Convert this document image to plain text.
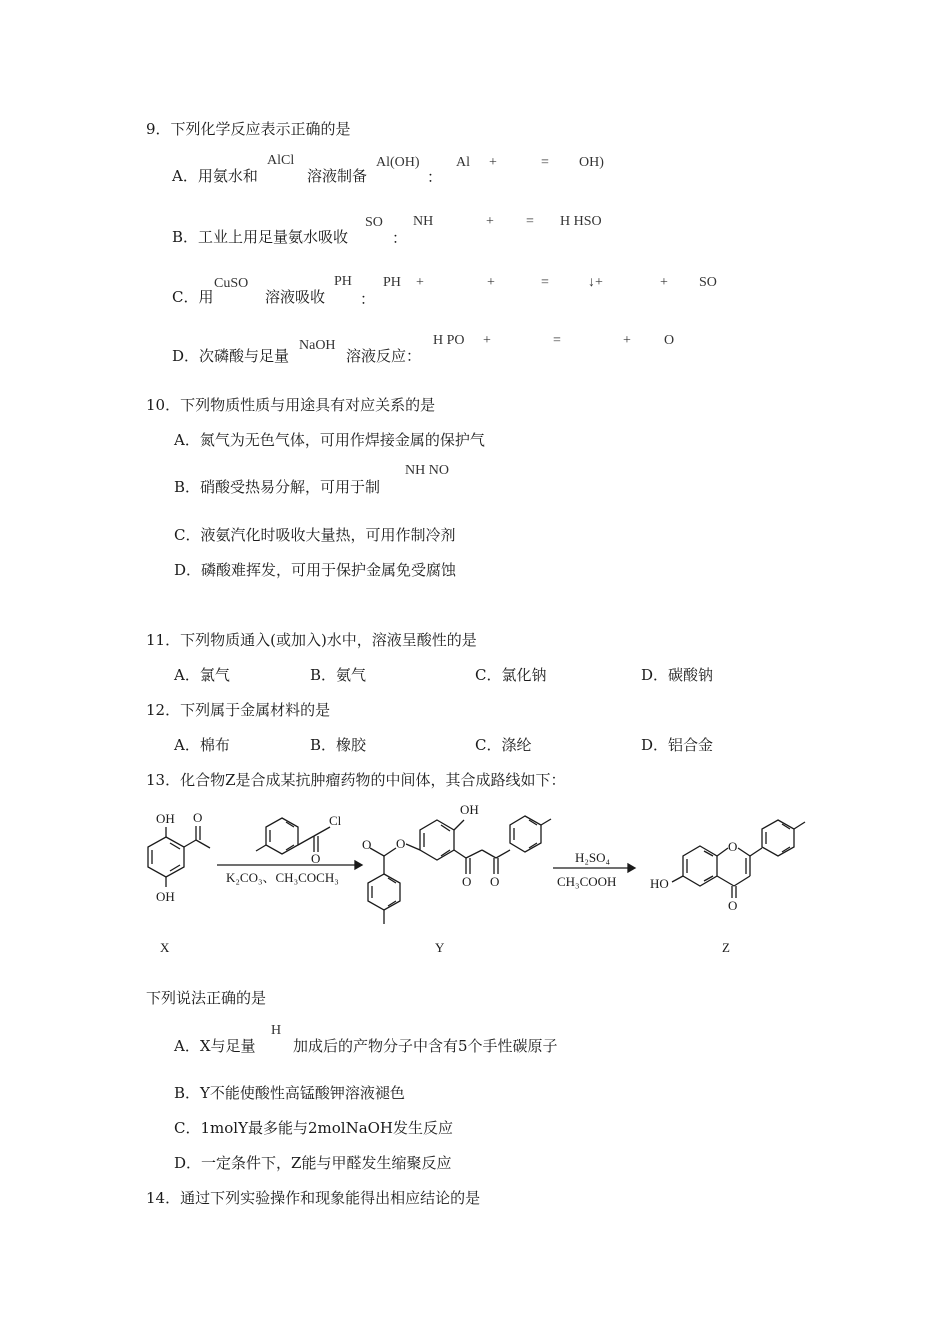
9．下列化学反应表示正确的是
A．用氨水和
AlCl
溶液制备
Al(OH)
：
Al +	= OH)
B．工业上用足量氨水吸收
SO
：
NH	+ = H HSO
C．用
CuSO
溶液吸收
PH
：
PH +	+	=	↓+	+ SO
D．次磷酸与足量
NaOH
溶液反应：
H PO +	=	+ O
10．下列物质性质与用途具有对应关系的是
A．氮气为无色气体，可用作焊接金属的保护气
B．硝酸受热易分解，可用于制
NH NO
C．液氨汽化时吸收大量热，可用作制冷剂
D．磷酸难挥发，可用于保护金属免受腐蚀
11．下列物质通入(或加入)水中，溶液呈酸性的是
A．氯气	B．氨气	C．氯化钠	D．碳酸钠
12．下列属于金属材料的是
A．棉布	B．橡胶	C．涤纶	D．铝合金
13．化合物Z是合成某抗肿瘤药物的中间体，其合成路线如下：
OH
OH
O	Cl
O
K₂CO₃、CH₃COCH₃
OH
O
O
O O
H₂SO₄
CH₃COOH
O
HO
O
X	Y	Z
下列说法正确的是
A．X与足量
H
加成后的产物分子中含有5个手性碳原子
B．Y不能使酸性高锰酸钾溶液褪色
C．1molY最多能与2molNaOH发生反应
D．一定条件下，Z能与甲醛发生缩聚反应
14．通过下列实验操作和现象能得出相应结论的是
